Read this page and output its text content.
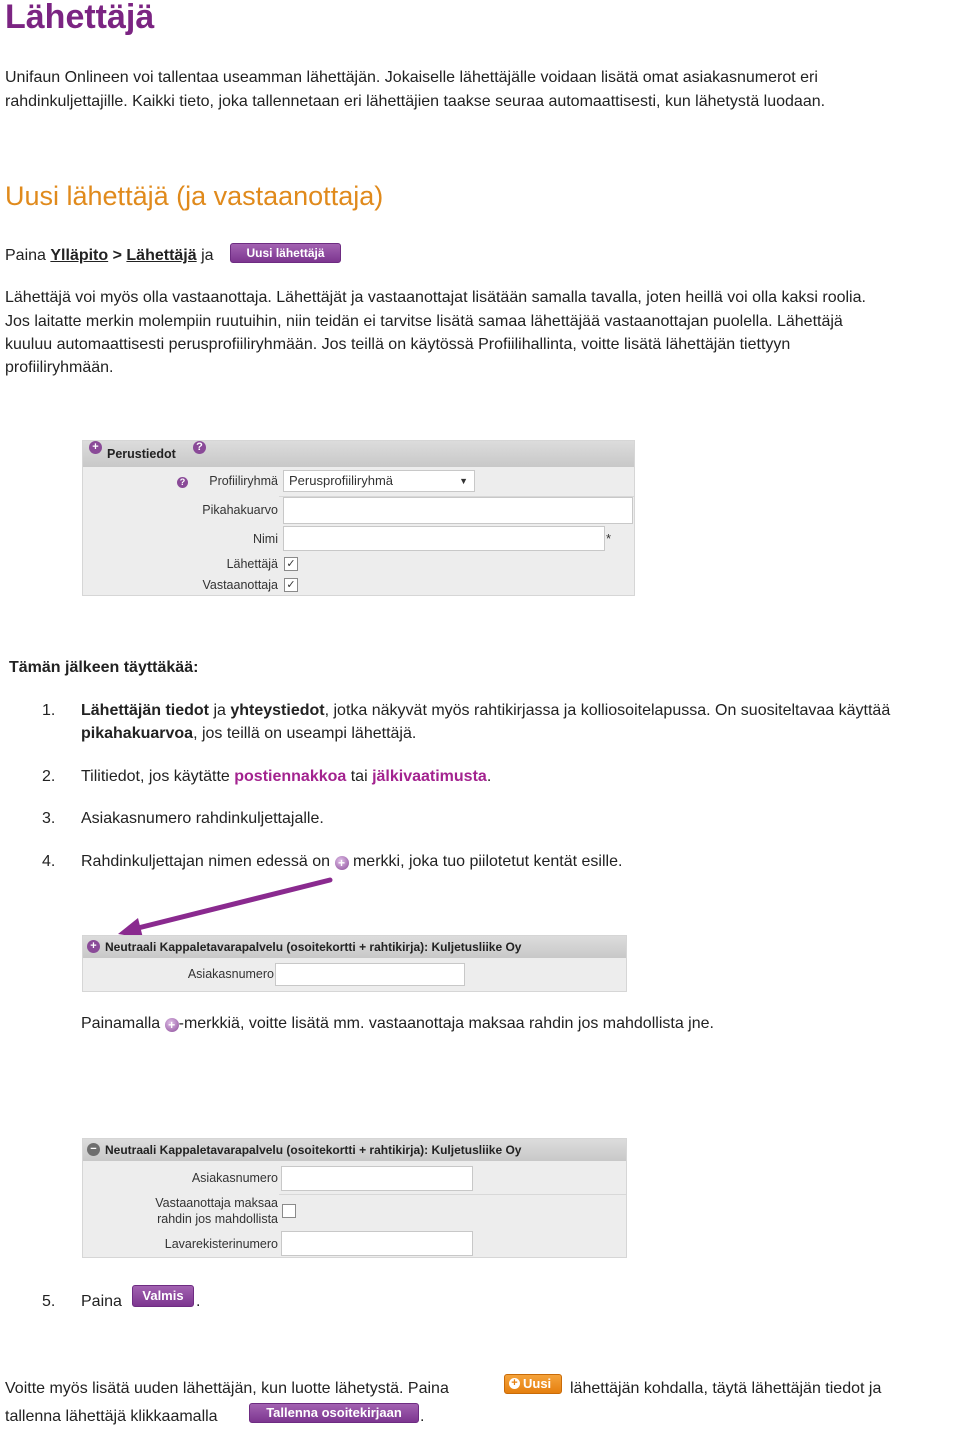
Lähettäjä
Unifaun Onlineen voi tallentaa useamman lähettäjän. Jokaiselle lähettäjälle voidaan lisätä omat asiakasnumerot eri
rahdinkuljettajille. Kaikki tieto, joka tallennetaan eri lähettäjien taakse seuraa automaattisesti, kun lähetystä luodaan.
Uusi lähettäjä (ja vastaanottaja)
Paina Ylläpito > Lähettäjä ja	Uusi lähettäjä
Lähettäjä voi myös olla vastaanottaja. Lähettäjät ja vastaanottajat lisätään samalla tavalla, joten heillä voi olla kaksi roolia.
Jos laitatte merkin molempiin ruutuihin, niin teidän ei tarvitse lisätä samaa lähettäjää vastaanottajan puolella. Lähettäjä
kuuluu automaattisesti perusprofiiliryhmään. Jos teillä on käytössä Profiilihallinta, voitte lisätä lähettäjän tiettyyn
profiiliryhmään.
+ Perustiedot ?
? Profiiliryhmä Perusprofiiliryhmä	▼
Pikahakuarvo
Nimi	*
Lähettäjä ✓
Vastaanottaja ✓
Tämän jälkeen täyttäkää:
1. Lähettäjän tiedot ja yhteystiedot, jotka näkyvät myös rahtikirjassa ja kolliosoitelapussa. On suositeltavaa käyttää
pikahakuarvoa, jos teillä on useampi lähettäjä.
2. Tilitiedot, jos käytätte postiennakkoa tai jälkivaatimusta.
3. Asiakasnumero rahdinkuljettajalle.
4. Rahdinkuljettajan nimen edessä on + merkki, joka tuo piilotetut kentät esille.
+ Neutraali Kappaletavarapalvelu (osoitekortti + rahtikirja): Kuljetusliike Oy
Asiakasnumero
Painamalla + -merkkiä, voitte lisätä mm. vastaanottaja maksaa rahdin jos mahdollista jne.
− Neutraali Kappaletavarapalvelu (osoitekortti + rahtikirja): Kuljetusliike Oy
Asiakasnumero
Vastaanottaja maksaa
rahdin jos mahdollista
Lavarekisterinumero
5. Paina	Valmis .
Voitte myös lisätä uuden lähettäjän, kun luotte lähetystä. Paina	+ Uusi	lähettäjän kohdalla, täytä lähettäjän tiedot ja
tallenna lähettäjä klikkaamalla	Tallenna osoitekirjaan	.
